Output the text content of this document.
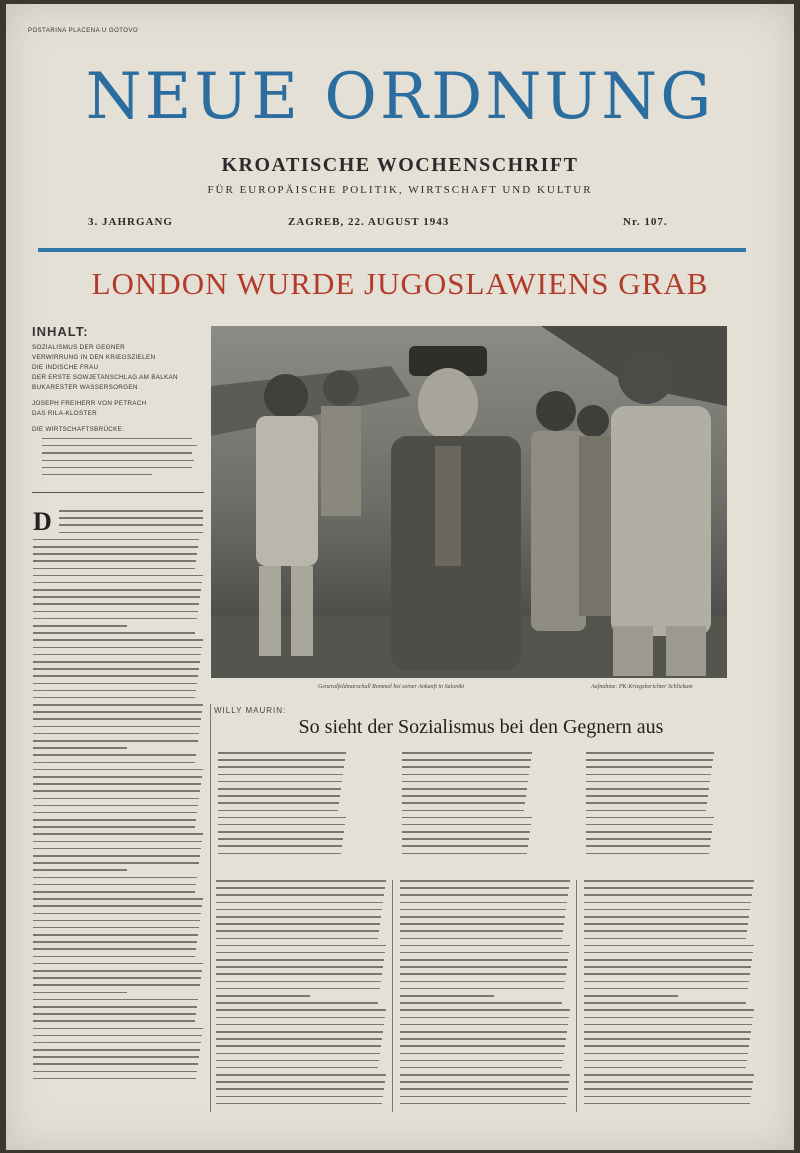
POSTARINA PLACENA U GOTOVO
NEUE ORDNUNG
KROATISCHE WOCHENSCHRIFT
FÜR EUROPÄISCHE POLITIK, WIRTSCHAFT UND KULTUR
3. JAHRGANG	ZAGREB, 22. AUGUST 1943	Nr. 107.
LONDON WURDE JUGOSLAWIENS GRAB
INHALT:
SOZIALISMUS DER GEGNER
VERWIRRUNG IN DEN KRIEGSZIELEN
DIE INDISCHE FRAU
DER ERSTE SOWJETANSCHLAG AM BALKAN
BUKARESTER WASSERSORGEN
JOSEPH FREIHERR VON PETRACH
DAS RILA-KLOSTER
DIE WIRTSCHAFTSBRÜCKE:
D
Generalfeldmarschall Rommel bei seiner Ankunft in Saloniki	Aufnahme: PK-Kriegsberichter Schlickum
WILLY MAURIN:
So sieht der Sozialismus bei den Gegnern aus
